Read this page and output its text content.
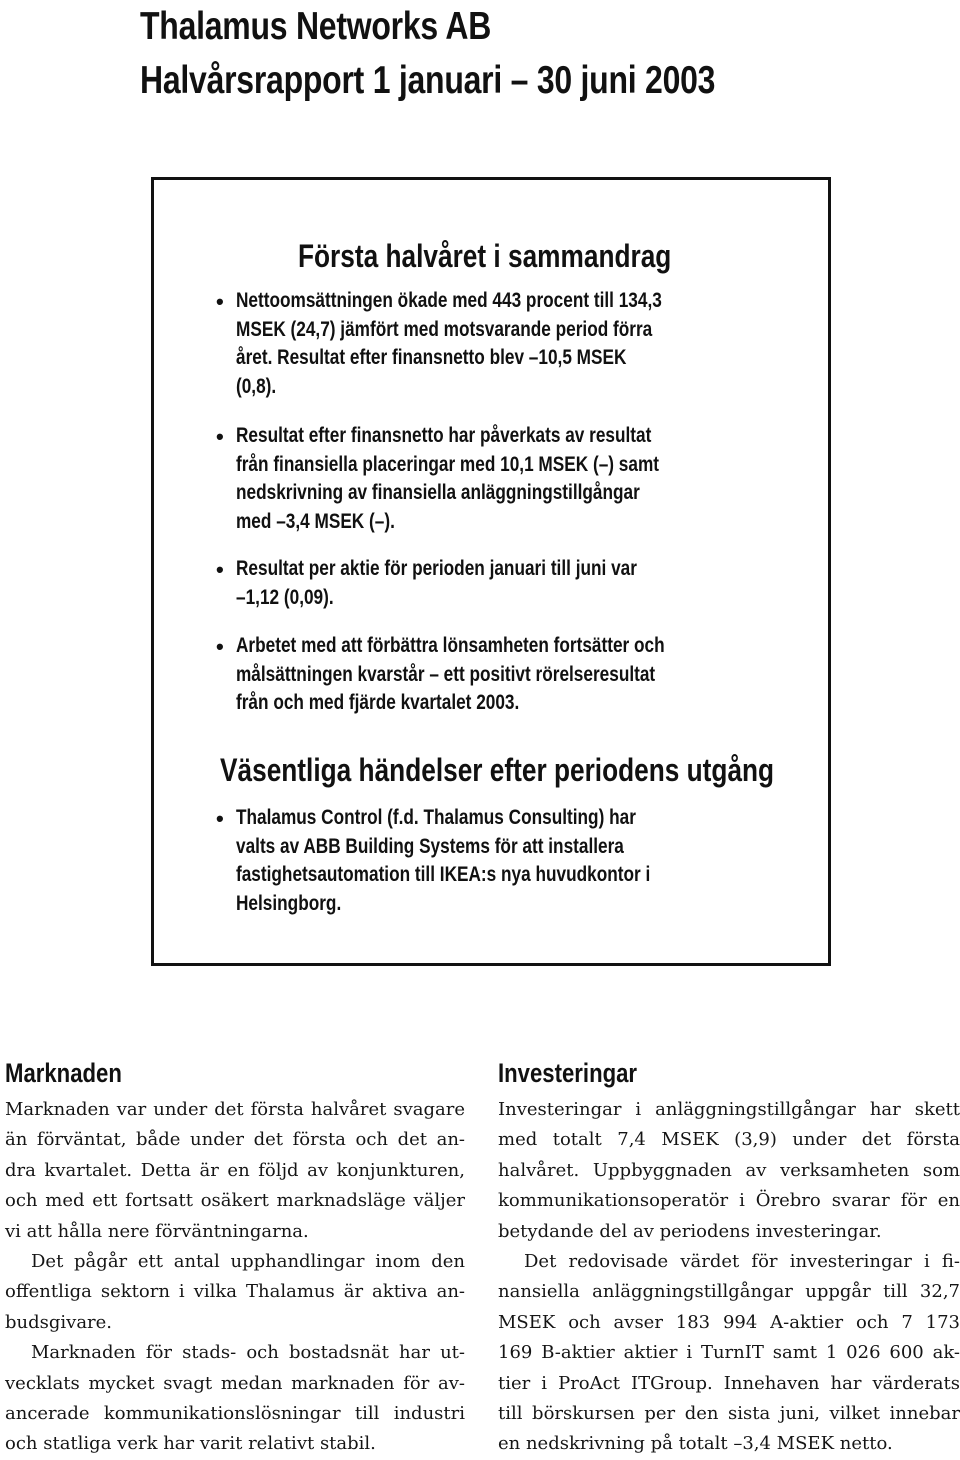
Thalamus Networks AB
Halvårsrapport 1 januari – 30 juni 2003
Första halvåret i sammandrag
• Nettoomsättningen ökade med 443 procent till 134,3
MSEK (24,7) jämfört med motsvarande period förra
året. Resultat efter finansnetto blev –10,5 MSEK
(0,8).
• Resultat efter finansnetto har påverkats av resultat
från finansiella placeringar med 10,1 MSEK (–) samt
nedskrivning av finansiella anläggningstillgångar
med –3,4 MSEK (–).
• Resultat per aktie för perioden januari till juni var
–1,12 (0,09).
• Arbetet med att förbättra lönsamheten fortsätter och
målsättningen kvarstår – ett positivt rörelseresultat
från och med fjärde kvartalet 2003.
Väsentliga händelser efter periodens utgång
• Thalamus Control (f.d. Thalamus Consulting) har
valts av ABB Building Systems för att installera
fastighetsautomation till IKEA:s nya huvudkontor i
Helsingborg.
Marknaden
Marknaden var under det första halvåret svagare
än förväntat, både under det första och det an-
dra kvartalet. Detta är en följd av konjunkturen,
och med ett fortsatt osäkert marknadsläge väljer
vi att hålla nere förväntningarna.
Det pågår ett antal upphandlingar inom den
offentliga sektorn i vilka Thalamus är aktiva an-
budsgivare.
Marknaden för stads- och bostadsnät har ut-
vecklats mycket svagt medan marknaden för av-
ancerade kommunikationslösningar till industri
och statliga verk har varit relativt stabil.
Investeringar
Investeringar i anläggningstillgångar har skett
med totalt 7,4 MSEK (3,9) under det första
halvåret. Uppbyggnaden av verksamheten som
kommunikationsoperatör i Örebro svarar för en
betydande del av periodens investeringar.
Det redovisade värdet för investeringar i fi-
nansiella anläggningstillgångar uppgår till 32,7
MSEK och avser 183 994 A-aktier och 7 173
169 B-aktier aktier i TurnIT samt 1 026 600 ak-
tier i ProAct ITGroup. Innehaven har värderats
till börskursen per den sista juni, vilket innebar
en nedskrivning på totalt –3,4 MSEK netto.
